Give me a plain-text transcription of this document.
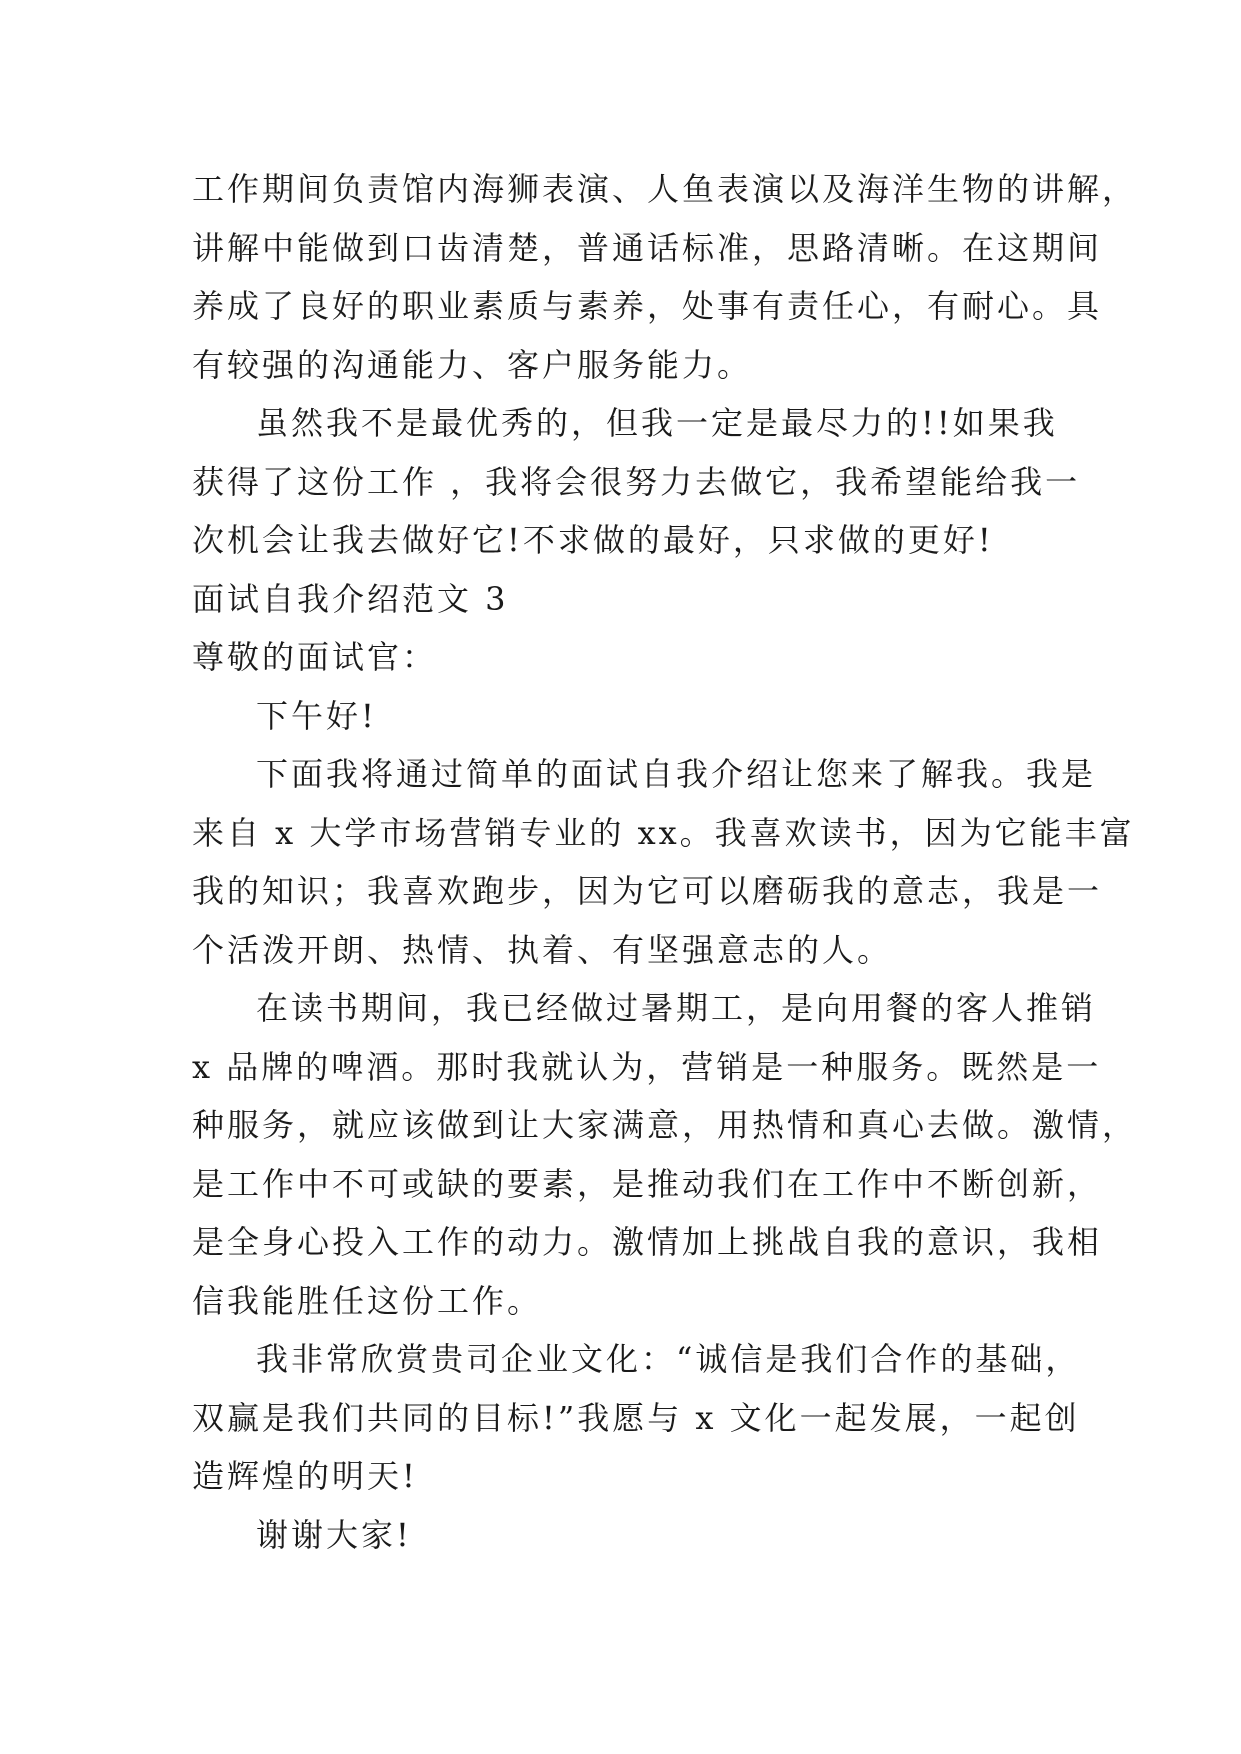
工作期间负责馆内海狮表演、人鱼表演以及海洋生物的讲解，
讲解中能做到口齿清楚，普通话标准，思路清晰。在这期间
养成了良好的职业素质与素养，处事有责任心，有耐心。具
有较强的沟通能力、客户服务能力。
虽然我不是最优秀的，但我一定是最尽力的!!如果我
获得了这份工作 ，我将会很努力去做它，我希望能给我一
次机会让我去做好它!不求做的最好，只求做的更好!
面试自我介绍范文 3
尊敬的面试官：
下午好!
下面我将通过简单的面试自我介绍让您来了解我。我是
来自 x 大学市场营销专业的 xx。我喜欢读书，因为它能丰富
我的知识；我喜欢跑步，因为它可以磨砺我的意志，我是一
个活泼开朗、热情、执着、有坚强意志的人。
在读书期间，我已经做过暑期工，是向用餐的客人推销
x 品牌的啤酒。那时我就认为，营销是一种服务。既然是一
种服务，就应该做到让大家满意，用热情和真心去做。激情，
是工作中不可或缺的要素，是推动我们在工作中不断创新，
是全身心投入工作的动力。激情加上挑战自我的意识，我相
信我能胜任这份工作。
我非常欣赏贵司企业文化：“诚信是我们合作的基础，
双赢是我们共同的目标!”我愿与 x 文化一起发展，一起创
造辉煌的明天!
谢谢大家!
